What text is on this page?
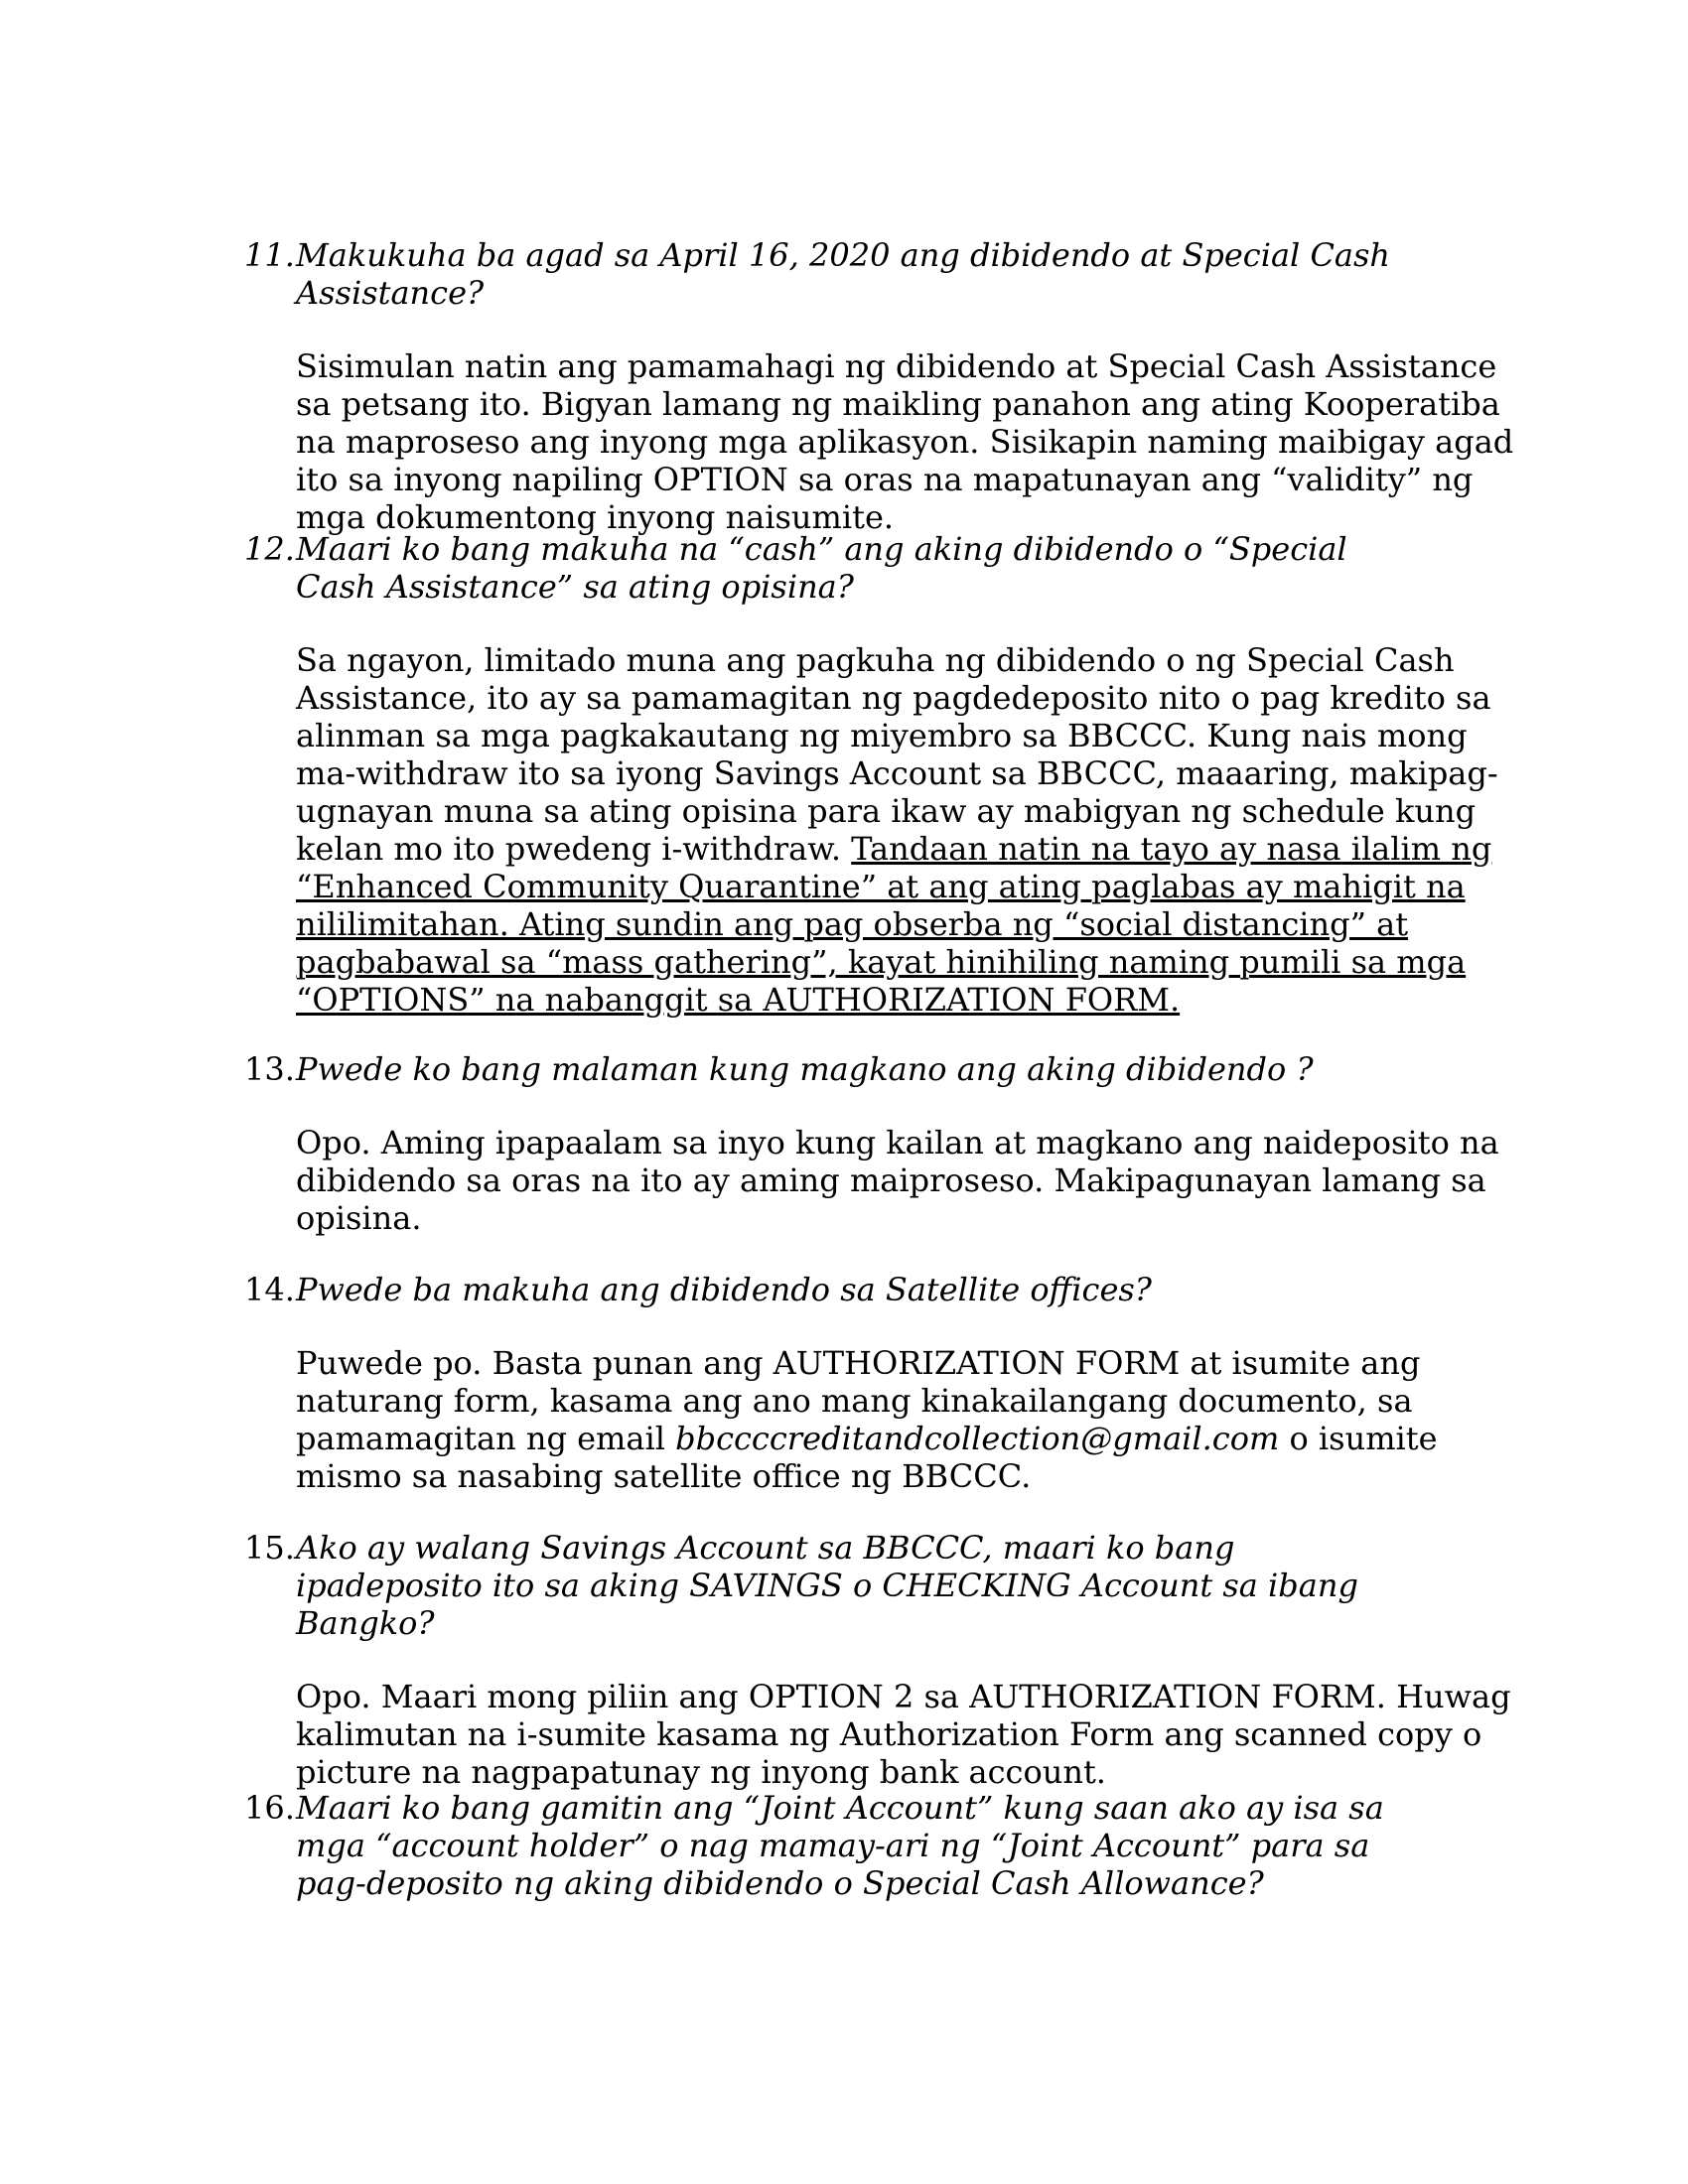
11. Makukuha ba agad sa April 16, 2020 ang dibidendo at Special Cash Assistance?

Sisimulan natin ang pamamahagi ng dibidendo at Special Cash Assistance sa petsang ito. Bigyan lamang ng maikling panahon ang ating Kooperatiba na maproseso ang inyong mga aplikasyon. Sisikapin naming maibigay agad ito sa inyong napiling OPTION sa oras na mapatunayan ang “validity” ng mga dokumentong inyong naisumite.

12. Maari ko bang makuha na “cash” ang aking dibidendo o “Special Cash Assistance” sa ating opisina?

Sa ngayon, limitado muna ang pagkuha ng dibidendo o ng Special Cash Assistance, ito ay sa pamamagitan ng pagdedeposito nito o pag kredito sa alinman sa mga pagkakautang ng miyembro sa BBCCC. Kung nais mong ma-withdraw ito sa iyong Savings Account sa BBCCC, maaaring, makipag-ugnayan muna sa ating opisina para ikaw ay mabigyan ng schedule kung kelan mo ito pwedeng i-withdraw. Tandaan natin na tayo ay nasa ilalim ng “Enhanced Community Quarantine” at ang ating paglabas ay mahigit na nililimitahan. Ating sundin ang pag obserba ng “social distancing” at pagbabawal sa “mass gathering”, kayat hinihiling naming pumili sa mga “OPTIONS” na nabanggit sa AUTHORIZATION FORM.

13. Pwede ko bang malaman kung magkano ang aking dibidendo ?

Opo. Aming ipapaalam sa inyo kung kailan at magkano ang naideposito na dibidendo sa oras na ito ay aming maiproseso. Makipagunayan lamang sa opisina.

14. Pwede ba makuha ang dibidendo sa Satellite offices?

Puwede po. Basta punan ang AUTHORIZATION FORM at isumite ang naturang form, kasama ang ano mang kinakailangang documento, sa pamamagitan ng email bbccccreditandcollection@gmail.com o isumite mismo sa nasabing satellite office ng BBCCC.

15. Ako ay walang Savings Account sa BBCCC, maari ko bang ipadeposito ito sa aking SAVINGS o CHECKING Account sa ibang Bangko?

Opo. Maari mong piliin ang OPTION 2 sa AUTHORIZATION FORM. Huwag kalimutan na i-sumite kasama ng Authorization Form ang scanned copy o picture na nagpapatunay ng inyong bank account.

16. Maari ko bang gamitin ang “Joint Account” kung saan ako ay isa sa mga “account holder” o nag mamay-ari ng “Joint Account” para sa pag-deposito ng aking dibidendo o Special Cash Allowance?
